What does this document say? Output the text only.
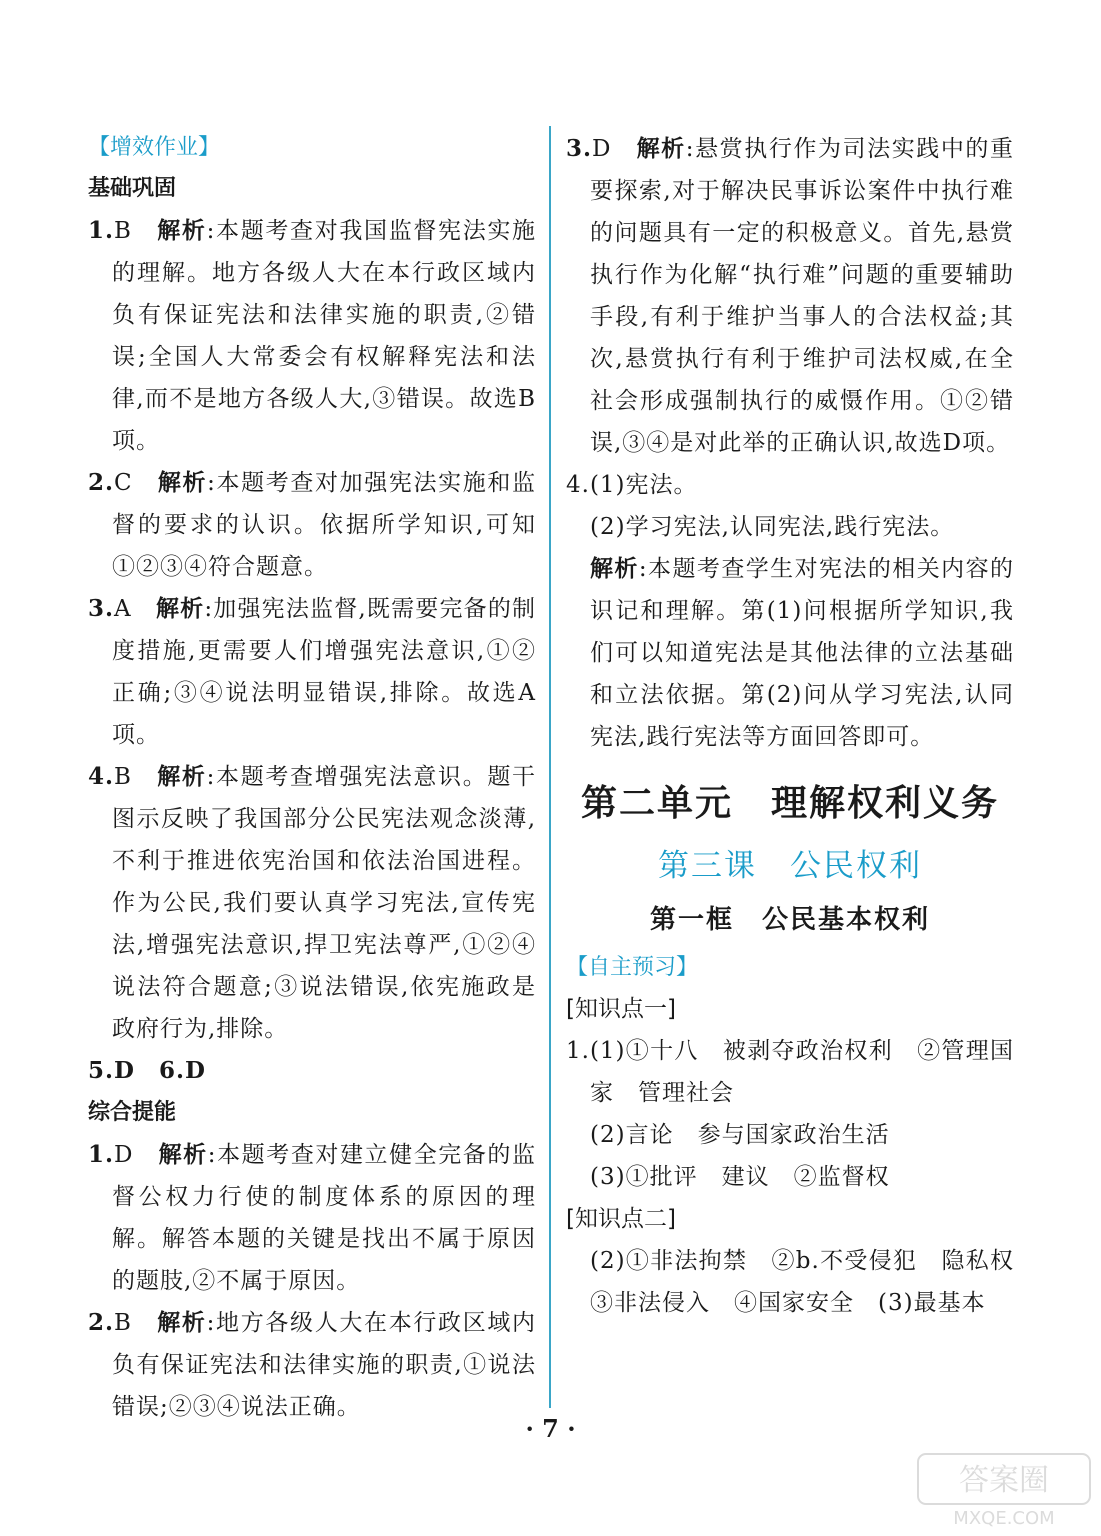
【增效作业】

基础巩固

1.B　解析:本题考查对我国监督宪法实施的理解。地方各级人大在本行政区域内负有保证宪法和法律实施的职责,②错误;全国人大常委会有权解释宪法和法律,而不是地方各级人大,③错误。故选B项。

2.C　解析:本题考查对加强宪法实施和监督的要求的认识。依据所学知识,可知①②③④符合题意。

3.A　解析:加强宪法监督,既需要完备的制度措施,更需要人们增强宪法意识,①②正确;③④说法明显错误,排除。故选A项。

4.B　解析:本题考查增强宪法意识。题干图示反映了我国部分公民宪法观念淡薄,不利于推进依宪治国和依法治国进程。作为公民,我们要认真学习宪法,宣传宪法,增强宪法意识,捍卫宪法尊严,①②④说法符合题意;③说法错误,依宪施政是政府行为,排除。

5.D　6.D

综合提能

1.D　解析:本题考查对建立健全完备的监督公权力行使的制度体系的原因的理解。解答本题的关键是找出不属于原因的题肢,②不属于原因。

2.B　解析:地方各级人大在本行政区域内负有保证宪法和法律实施的职责,①说法错误;②③④说法正确。

3.D　解析:悬赏执行作为司法实践中的重要探索,对于解决民事诉讼案件中执行难的问题具有一定的积极意义。首先,悬赏执行作为化解“执行难”问题的重要辅助手段,有利于维护当事人的合法权益;其次,悬赏执行有利于维护司法权威,在全社会形成强制执行的威慑作用。①②错误,③④是对此举的正确认识,故选D项。

4.(1)宪法。

(2)学习宪法,认同宪法,践行宪法。

解析:本题考查学生对宪法的相关内容的识记和理解。第(1)问根据所学知识,我们可以知道宪法是其他法律的立法基础和立法依据。第(2)问从学习宪法,认同宪法,践行宪法等方面回答即可。

第二单元　理解权利义务

第三课　公民权利

第一框　公民基本权利

【自主预习】

[知识点一]

1.(1)①十八　被剥夺政治权利　②管理国家　管理社会

(2)言论　参与国家政治生活

(3)①批评　建议　②监督权

[知识点二]

(2)①非法拘禁　②b.不受侵犯　隐私权　③非法侵入　④国家安全　(3)最基本

· 7 ·
答案圈
MXQE.COM
